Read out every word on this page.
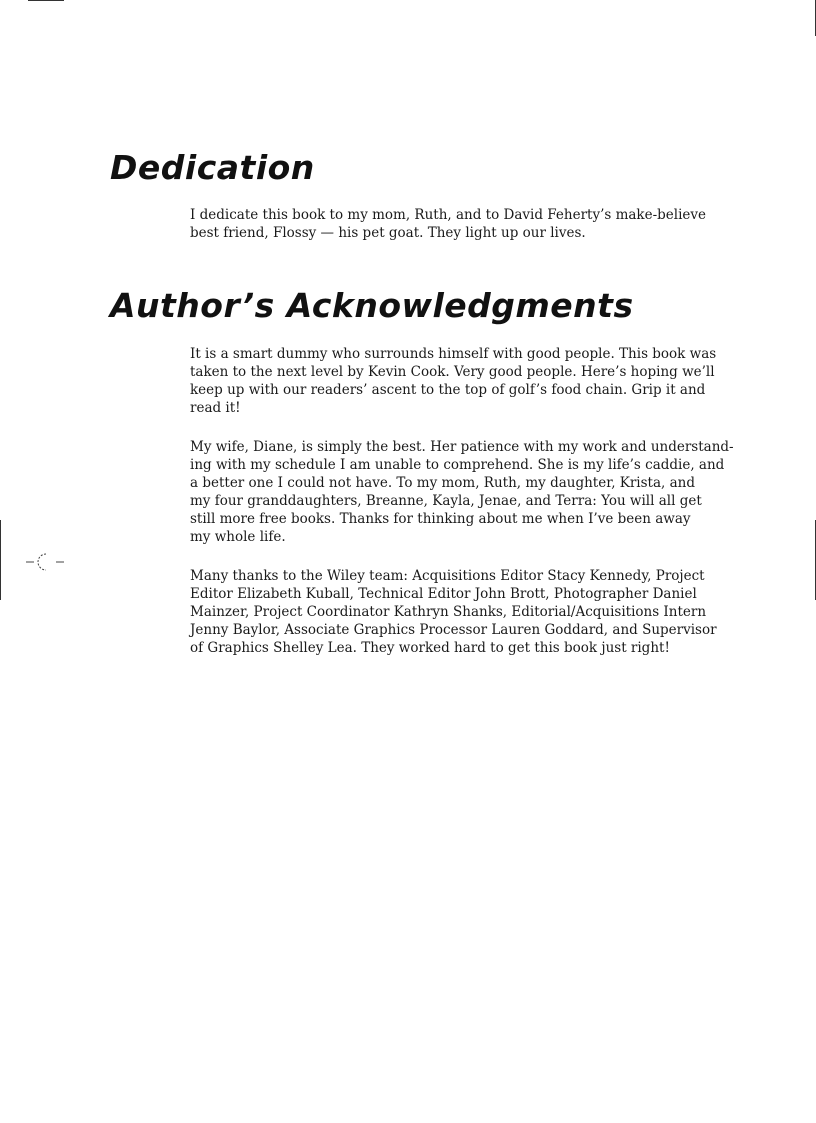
Dedication

I dedicate this book to my mom, Ruth, and to David Feherty’s make-believe
best friend, Flossy — his pet goat. They light up our lives.

Author’s Acknowledgments

It is a smart dummy who surrounds himself with good people. This book was
taken to the next level by Kevin Cook. Very good people. Here’s hoping we’ll
keep up with our readers’ ascent to the top of golf’s food chain. Grip it and
read it!

My wife, Diane, is simply the best. Her patience with my work and understand-
ing with my schedule I am unable to comprehend. She is my life’s caddie, and
a better one I could not have. To my mom, Ruth, my daughter, Krista, and
my four granddaughters, Breanne, Kayla, Jenae, and Terra: You will all get
still more free books. Thanks for thinking about me when I’ve been away
my whole life.

Many thanks to the Wiley team: Acquisitions Editor Stacy Kennedy, Project
Editor Elizabeth Kuball, Technical Editor John Brott, Photographer Daniel
Mainzer, Project Coordinator Kathryn Shanks, Editorial/Acquisitions Intern
Jenny Baylor, Associate Graphics Processor Lauren Goddard, and Supervisor
of Graphics Shelley Lea. They worked hard to get this book just right!
